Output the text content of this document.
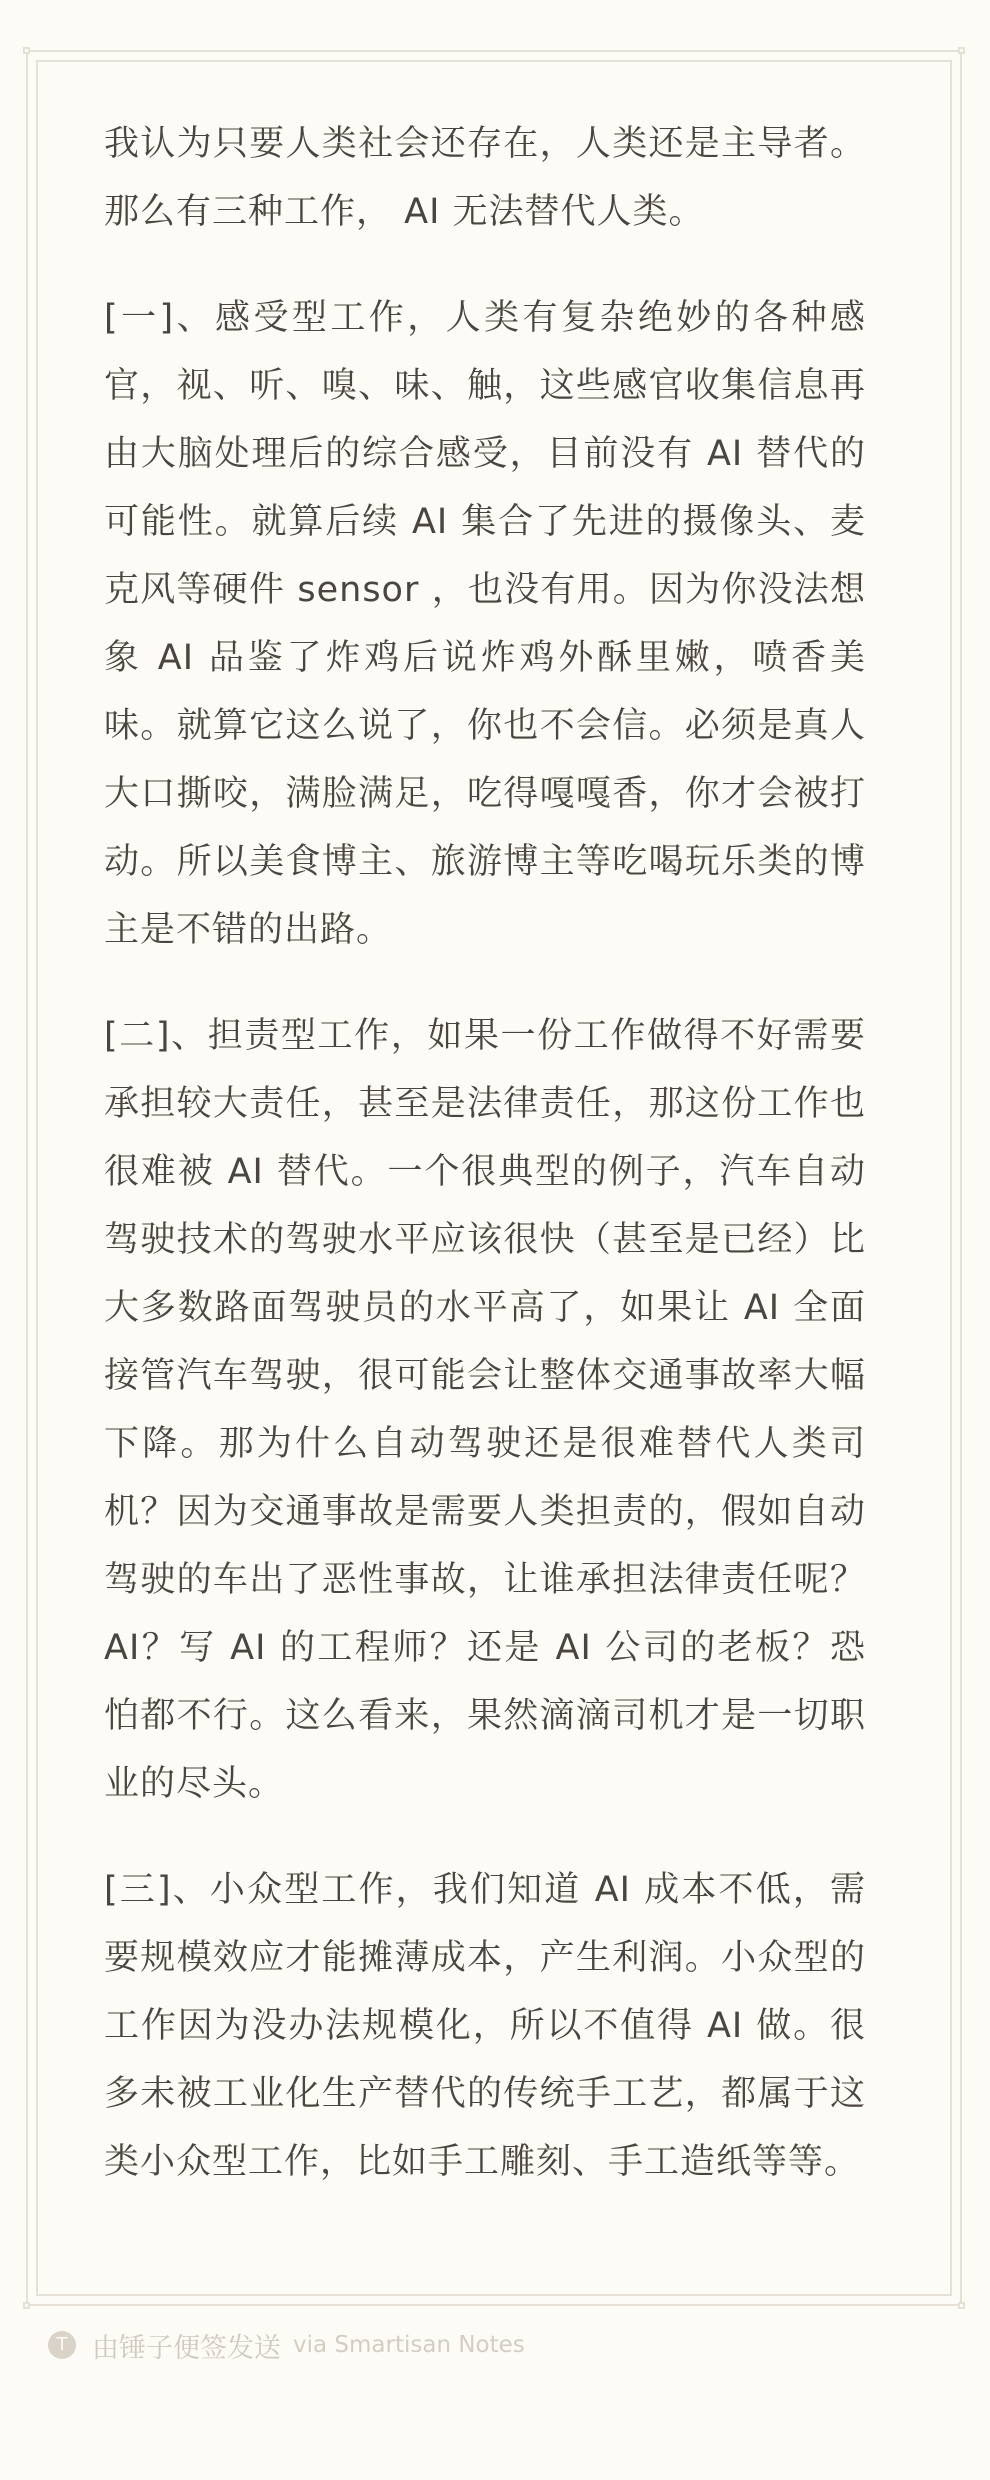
我认为只要人类社会还存在，人类还是主导者。那么有三种工作， AI 无法替代人类。

[一]、感受型工作，人类有复杂绝妙的各种感官，视、听、嗅、味、触，这些感官收集信息再由大脑处理后的综合感受，目前没有 AI 替代的可能性。就算后续 AI 集合了先进的摄像头、麦克风等硬件 sensor ，也没有用。因为你没法想象 AI 品鉴了炸鸡后说炸鸡外酥里嫩，喷香美味。就算它这么说了，你也不会信。必须是真人大口撕咬，满脸满足，吃得嘎嘎香，你才会被打动。所以美食博主、旅游博主等吃喝玩乐类的博主是不错的出路。

[二]、担责型工作，如果一份工作做得不好需要承担较大责任，甚至是法律责任，那这份工作也很难被 AI 替代。一个很典型的例子，汽车自动驾驶技术的驾驶水平应该很快（甚至是已经）比大多数路面驾驶员的水平高了，如果让 AI 全面接管汽车驾驶，很可能会让整体交通事故率大幅下降。那为什么自动驾驶还是很难替代人类司机？因为交通事故是需要人类担责的，假如自动驾驶的车出了恶性事故，让谁承担法律责任呢？ AI？写 AI 的工程师？还是 AI 公司的老板？恐怕都不行。这么看来，果然滴滴司机才是一切职业的尽头。

[三]、小众型工作，我们知道 AI 成本不低，需要规模效应才能摊薄成本，产生利润。小众型的工作因为没办法规模化，所以不值得 AI 做。很多未被工业化生产替代的传统手工艺，都属于这类小众型工作，比如手工雕刻、手工造纸等等。

T 由锤子便签发送 via Smartisan Notes
